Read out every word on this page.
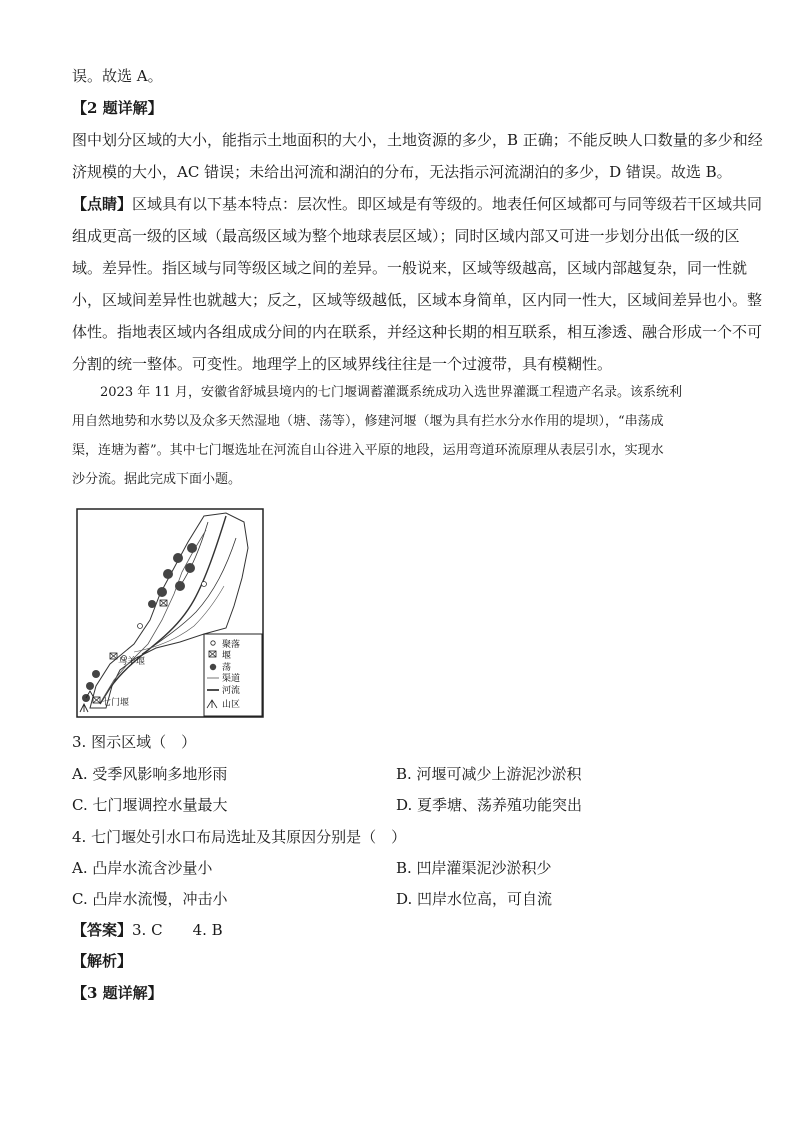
误。故选 A。
【2 题详解】
图中划分区域的大小，能指示土地面积的大小，土地资源的多少，B 正确；不能反映人口数量的多少和经
济规模的大小，AC 错误；未给出河流和湖泊的分布，无法指示河流湖泊的多少，D 错误。故选 B。
【点睛】区域具有以下基本特点：层次性。即区域是有等级的。地表任何区域都可与同等级若干区域共同
组成更高一级的区域（最高级区域为整个地球表层区域）；同时区域内部又可进一步划分出低一级的区
域。差异性。指区域与同等级区域之间的差异。一般说来，区域等级越高，区域内部越复杂，同一性就
小，区域间差异性也就越大；反之，区域等级越低，区域本身简单，区内同一性大，区域间差异也小。整
体性。指地表区域内各组成成分间的内在联系，并经这种长期的相互联系，相互渗透、融合形成一个不可
分割的统一整体。可变性。地理学上的区域界线往往是一个过渡带，具有模糊性。
2023 年 11 月，安徽省舒城县境内的七门堰调蓄灌溉系统成功入选世界灌溉工程遗产名录。该系统利
用自然地势和水势以及众多天然湿地（塘、荡等），修建河堰（堰为具有拦水分水作用的堤坝），“串荡成
渠，连塘为蓄”。其中七门堰选址在河流自山谷进入平原的地段，运用弯道环流原理从表层引水，实现水
沙分流。据此完成下面小题。
乌羊堰
七门堰
聚落
堰
荡
渠道
河流
山区
3. 图示区域（　）
A. 受季风影响多地形雨	B. 河堰可减少上游泥沙淤积
C. 七门堰调控水量最大	D. 夏季塘、荡养殖功能突出
4. 七门堰处引水口布局选址及其原因分别是（　）
A. 凸岸水流含沙量小	B. 凹岸灌渠泥沙淤积少
C. 凸岸水流慢，冲击小	D. 凹岸水位高，可自流
【答案】3. C　　4. B
【解析】
【3 题详解】
